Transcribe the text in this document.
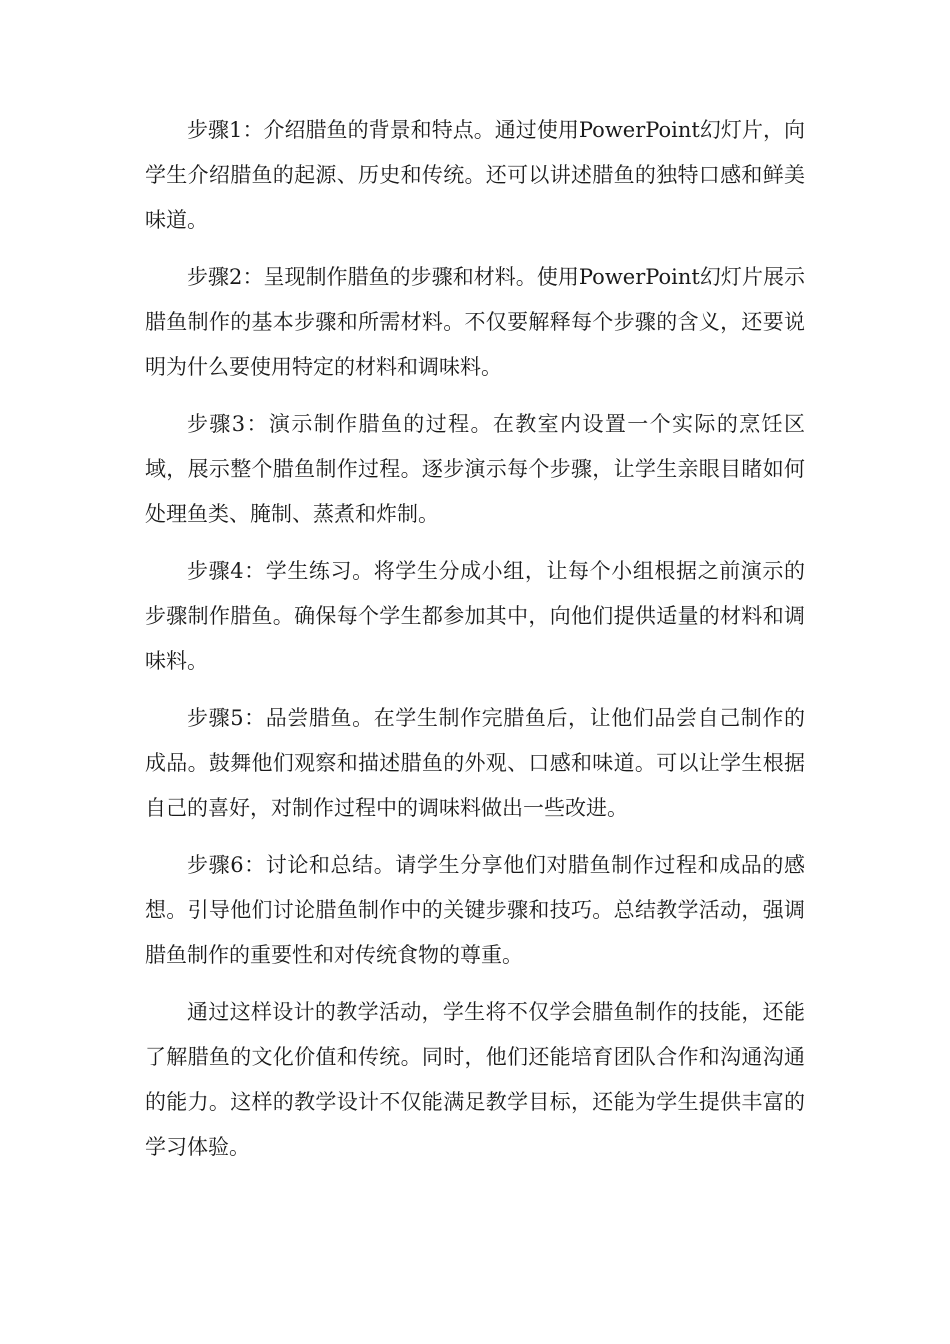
步骤1：介绍腊鱼的背景和特点。通过使用PowerPoint幻灯片，向学生介绍腊鱼的起源、历史和传统。还可以讲述腊鱼的独特口感和鲜美味道。

步骤2：呈现制作腊鱼的步骤和材料。使用PowerPoint幻灯片展示腊鱼制作的基本步骤和所需材料。不仅要解释每个步骤的含义，还要说明为什么要使用特定的材料和调味料。

步骤3：演示制作腊鱼的过程。在教室内设置一个实际的烹饪区域，展示整个腊鱼制作过程。逐步演示每个步骤，让学生亲眼目睹如何处理鱼类、腌制、蒸煮和炸制。

步骤4：学生练习。将学生分成小组，让每个小组根据之前演示的步骤制作腊鱼。确保每个学生都参加其中，向他们提供适量的材料和调味料。

步骤5：品尝腊鱼。在学生制作完腊鱼后，让他们品尝自己制作的成品。鼓舞他们观察和描述腊鱼的外观、口感和味道。可以让学生根据自己的喜好，对制作过程中的调味料做出一些改进。

步骤6：讨论和总结。请学生分享他们对腊鱼制作过程和成品的感想。引导他们讨论腊鱼制作中的关键步骤和技巧。总结教学活动，强调腊鱼制作的重要性和对传统食物的尊重。

通过这样设计的教学活动，学生将不仅学会腊鱼制作的技能，还能了解腊鱼的文化价值和传统。同时，他们还能培育团队合作和沟通沟通的能力。这样的教学设计不仅能满足教学目标，还能为学生提供丰富的学习体验。
